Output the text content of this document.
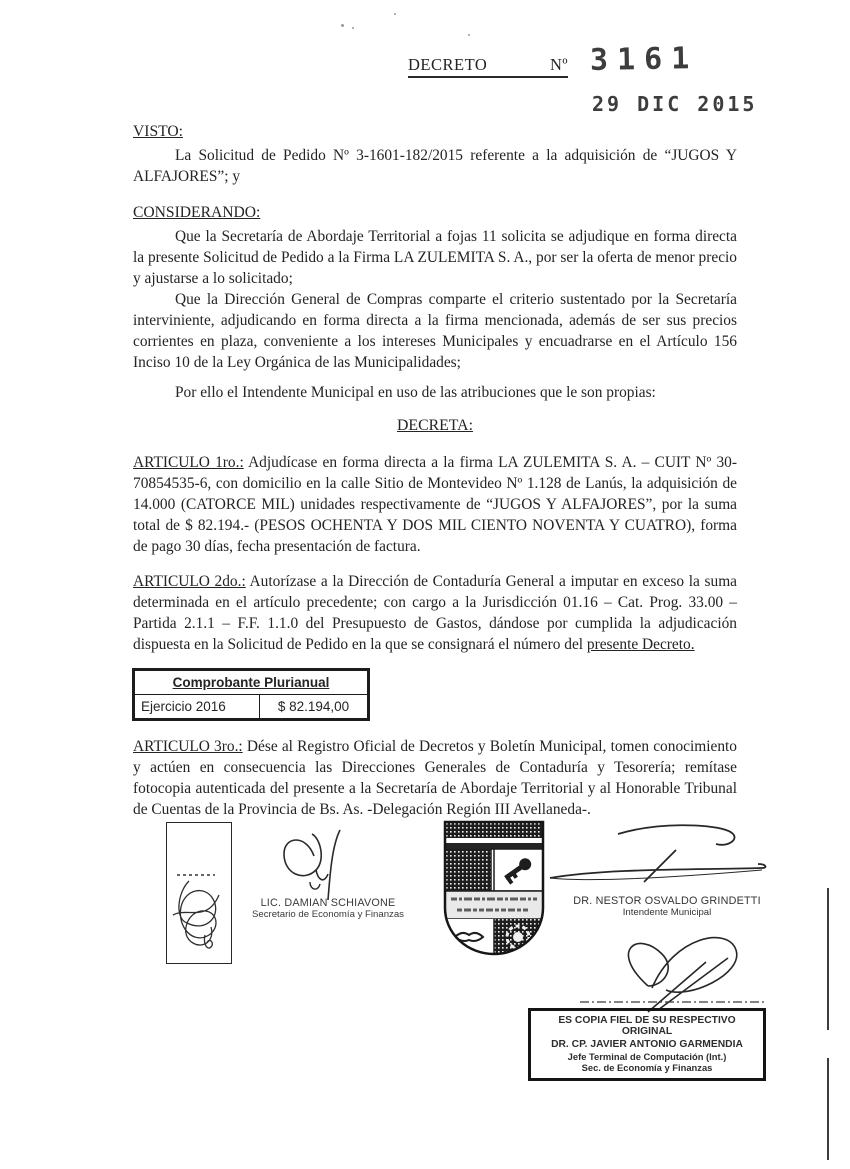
DECRETO	Nº 3161
29 DIC 2015

VISTO:

La Solicitud de Pedido Nº 3-1601-182/2015 referente a la adquisición de “JUGOS Y ALFAJORES”; y

CONSIDERANDO:

Que la Secretaría de Abordaje Territorial a fojas 11 solicita se adjudique en forma directa la presente Solicitud de Pedido a la Firma LA ZULEMITA S. A., por ser la oferta de menor precio y ajustarse a lo solicitado;

Que la Dirección General de Compras comparte el criterio sustentado por la Secretaría interviniente, adjudicando en forma directa a la firma mencionada, además de ser sus precios corrientes en plaza, conveniente a los intereses Municipales y encuadrarse en el Artículo 156 Inciso 10 de la Ley Orgánica de las Municipalidades;

Por ello el Intendente Municipal en uso de las atribuciones que le son propias:

DECRETA:

ARTICULO 1ro.: Adjudícase en forma directa a la firma LA ZULEMITA S. A. – CUIT Nº 30-70854535-6, con domicilio en la calle Sitio de Montevideo Nº 1.128 de Lanús, la adquisición de 14.000 (CATORCE MIL) unidades respectivamente de “JUGOS Y ALFAJORES”, por la suma total de $ 82.194.- (PESOS OCHENTA Y DOS MIL CIENTO NOVENTA Y CUATRO), forma de pago 30 días, fecha presentación de factura.

ARTICULO 2do.: Autorízase a la Dirección de Contaduría General a imputar en exceso la suma determinada en el artículo precedente; con cargo a la Jurisdicción 01.16 – Cat. Prog. 33.00 – Partida 2.1.1 – F.F. 1.1.0 del Presupuesto de Gastos, dándose por cumplida la adjudicación dispuesta en la Solicitud de Pedido en la que se consignará el número del presente Decreto.

Comprobante Plurianual
Ejercicio 2016	$ 82.194,00

ARTICULO 3ro.: Dése al Registro Oficial de Decretos y Boletín Municipal, tomen conocimiento y actúen en consecuencia las Direcciones Generales de Contaduría y Tesorería; remítase fotocopia autenticada del presente a la Secretaría de Abordaje Territorial y al Honorable Tribunal de Cuentas de la Provincia de Bs. As. -Delegación Región III Avellaneda-.

LIC. DAMIAN SCHIAVONE
Secretario de Economía y Finanzas
DR. NESTOR OSVALDO GRINDETTI
Intendente Municipal
ES COPIA FIEL DE SU RESPECTIVO ORIGINAL
DR. CP. JAVIER ANTONIO GARMENDIA
Jefe Terminal de Computación (Int.)
Sec. de Economía y Finanzas
